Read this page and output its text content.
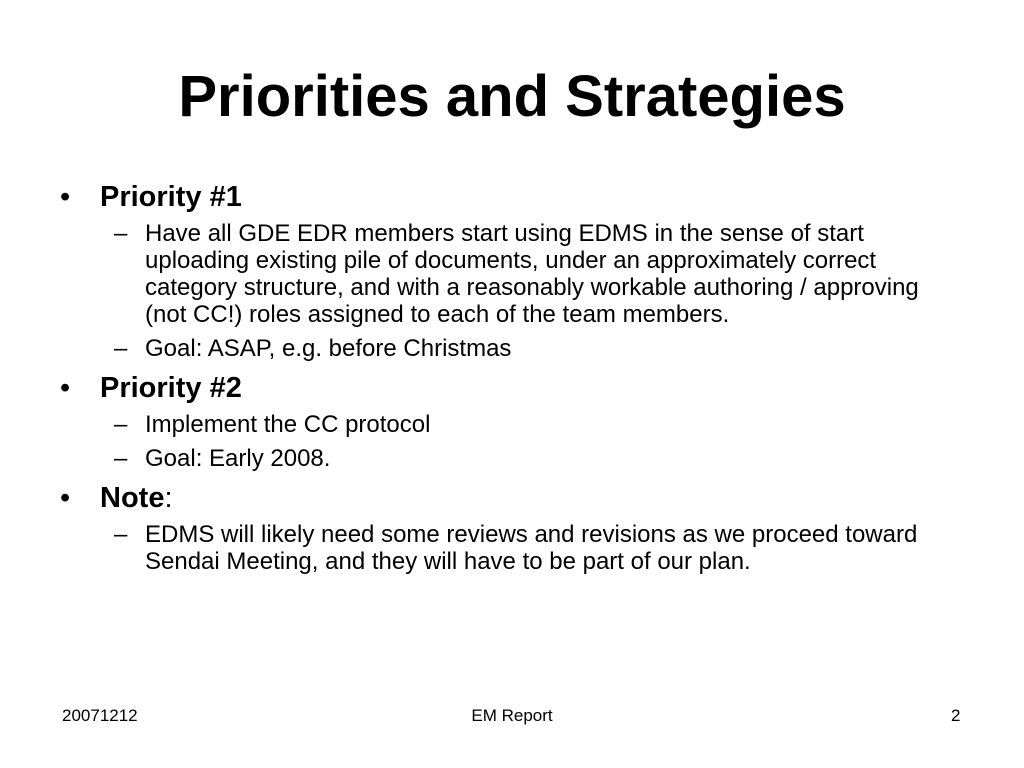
Priorities and Strategies
• Priority #1
– Have all GDE EDR members start using EDMS in the sense of start uploading existing pile of documents, under an approximately correct category structure, and with a reasonably workable authoring / approving (not CC!) roles assigned to each of the team members.
– Goal: ASAP, e.g. before Christmas
• Priority #2
– Implement the CC protocol
– Goal: Early 2008.
• Note:
– EDMS will likely need some reviews and revisions as we proceed toward Sendai Meeting, and they will have to be part of our plan.
20071212	EM Report	2
